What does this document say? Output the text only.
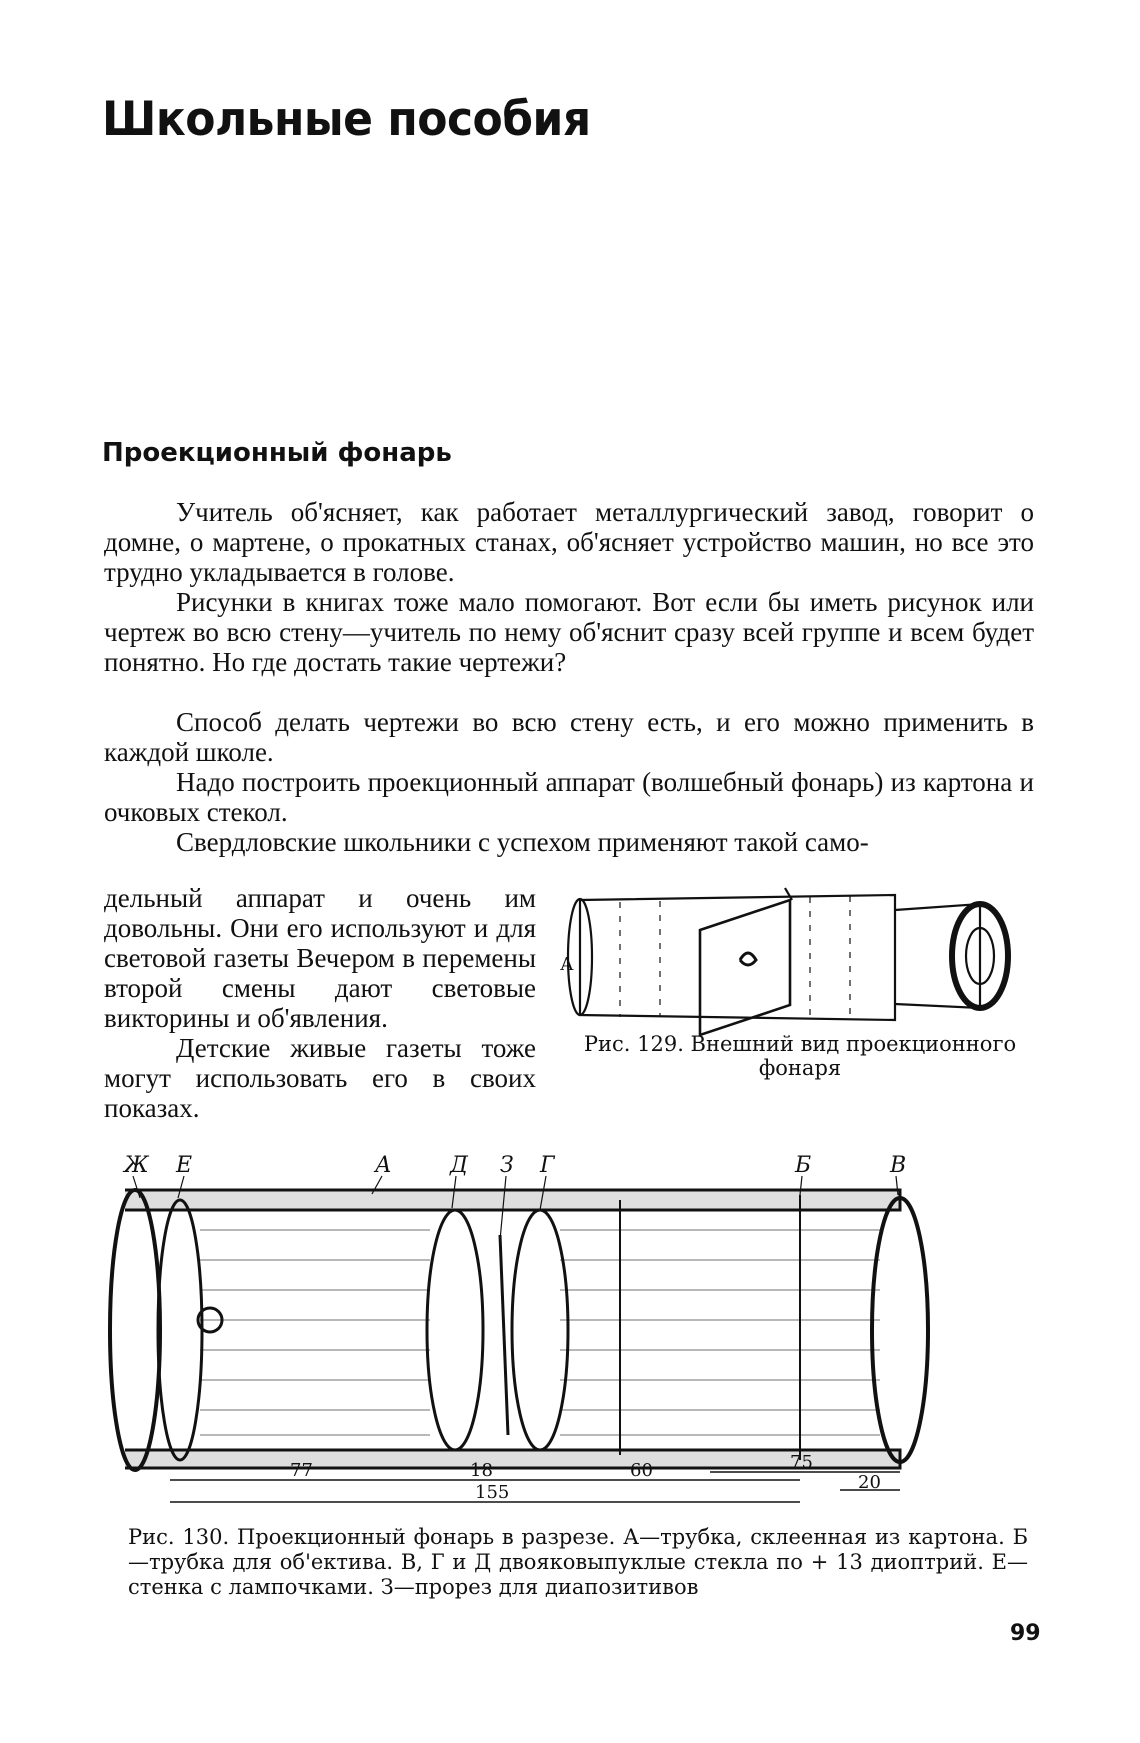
Школьные пособия
Проекционный фонарь

Учитель об'ясняет, как работает металлургический завод, говорит о домне, о мартене, о прокатных станах, об'ясняет устройство машин, но все это трудно укладывается в голове.

Рисунки в книгах тоже мало помогают. Вот если бы иметь рисунок или чертеж во всю стену—учитель по нему об'яснит сразу всей группе и всем будет понятно. Но где достать такие чертежи?

Способ делать чертежи во всю стену есть, и его можно применить в каждой школе.

Надо построить проекционный аппарат (волшебный фонарь) из картона и очковых стекол.

Свердловские школьники с успехом применяют такой само-

дельный аппарат и очень им довольны. Они его используют и для световой газеты Вечером в перемены второй смены дают световые викторины и об'явления.

Детские живые газеты тоже могут использовать его в своих показах.

А
Рис. 129. Внешний вид проекционного фонаря
77	18	60	75
20
155
Ж Е	А	Д З Г	Б	В
Рис. 130. Проекционный фонарь в разрезе. А—трубка, склеенная из картона. Б—трубка для об'ектива. В, Г и Д двояковыпуклые стекла по + 13 диоптрий. Е—стенка с лампочками. З—прорез для диапозитивов
99
